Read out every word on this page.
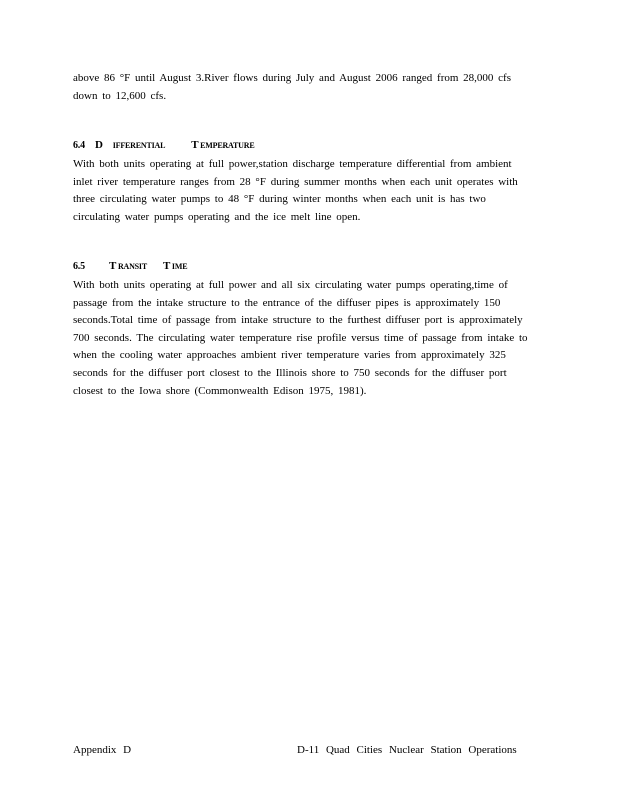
above 86 °F until August 3.River flows during July and August 2006 ranged from 28,000 cfs
down to 12,600 cfs.
6.4 D IFFERENTIAL T EMPERATURE
With both units operating at full power,station discharge temperature differential from ambient
inlet river temperature ranges from 28 °F during summer months when each unit operates with
three circulating water pumps to 48 °F during winter months when each unit is has two
circulating water pumps operating and the ice melt line open.
6.5 T RANSIT T IME
With both units operating at full power and all six circulating water pumps operating,time of
passage from the intake structure to the entrance of the diffuser pipes is approximately 150
seconds.Total time of passage from intake structure to the furthest diffuser port is approximately
700 seconds. The circulating water temperature rise profile versus time of passage from intake to
when the cooling water approaches ambient river temperature varies from approximately 325
seconds for the diffuser port closest to the Illinois shore to 750 seconds for the diffuser port
closest to the Iowa shore (Commonwealth Edison 1975, 1981).
Appendix D	D-11 Quad Cities Nuclear Station Operations
